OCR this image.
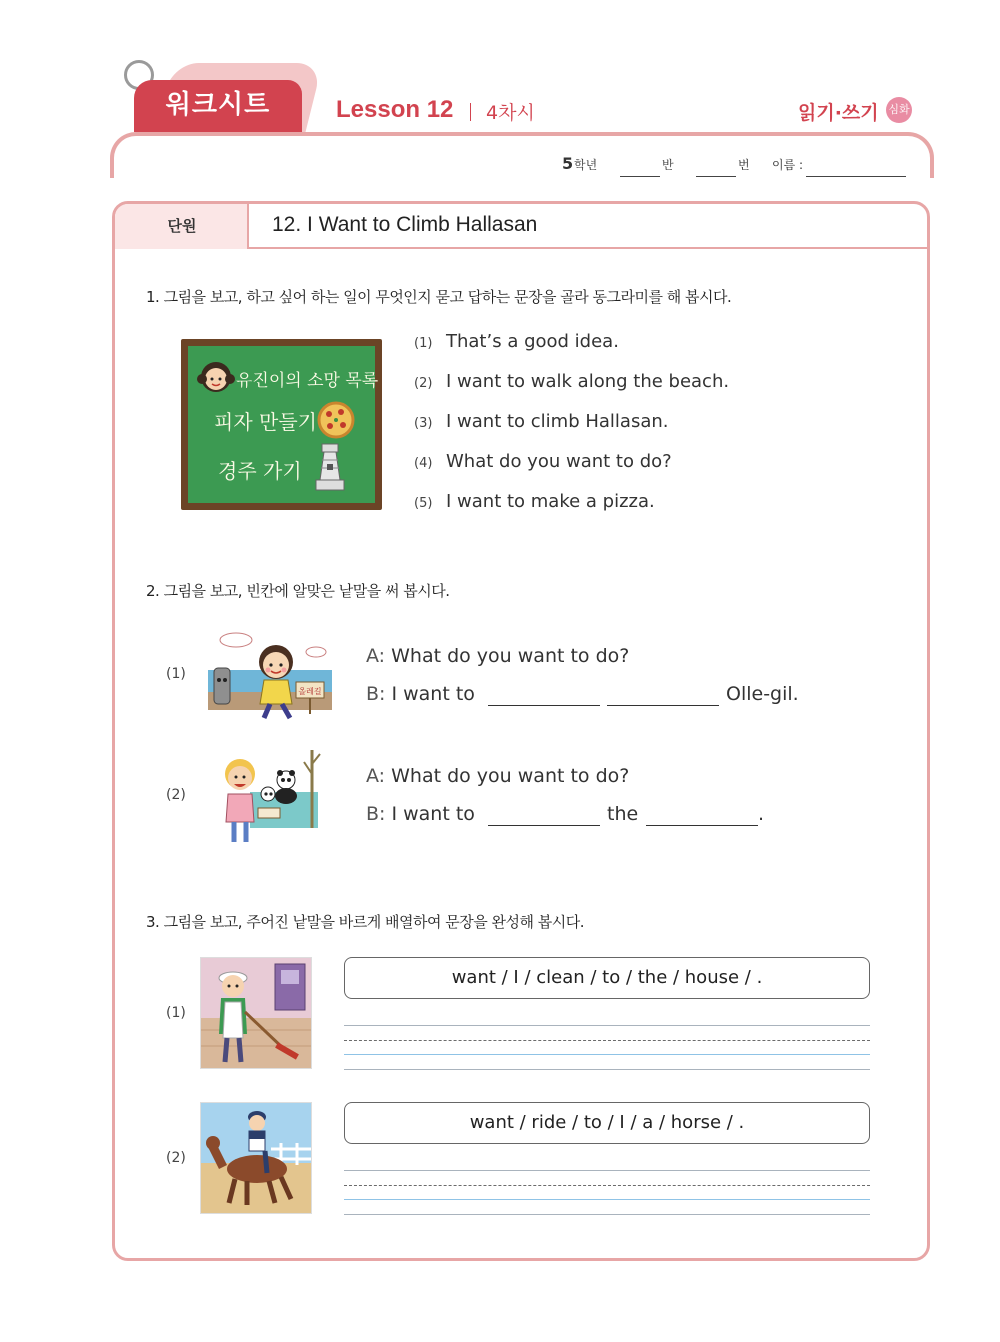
워크시트	Lesson 12 4차시	읽기·쓰기 심화
5 학년	반	번 이름 :
단원	12. I Want to Climb Hallasan
1. 그림을 보고, 하고 싶어 하는 일이 무엇인지 묻고 답하는 문장을 골라 동그라미를 해 봅시다.
유진이의 소망 목록
피자 만들기
경주 가기
(1) That’s a good idea.
(2) I want to walk along the beach.
(3) I want to climb Hallasan.
(4) What do you want to do?
(5) I want to make a pizza.
2. 그림을 보고, 빈칸에 알맞은 낱말을 써 봅시다.
(1)
올레길
A: What do you want to do?
B: I want to	Olle-gil.
(2)
A: What do you want to do?
B: I want to	the	.
3. 그림을 보고, 주어진 낱말을 바르게 배열하여 문장을 완성해 봅시다.
(1)
want / I / clean / to / the / house / .
(2)
want / ride / to / I / a / horse / .
